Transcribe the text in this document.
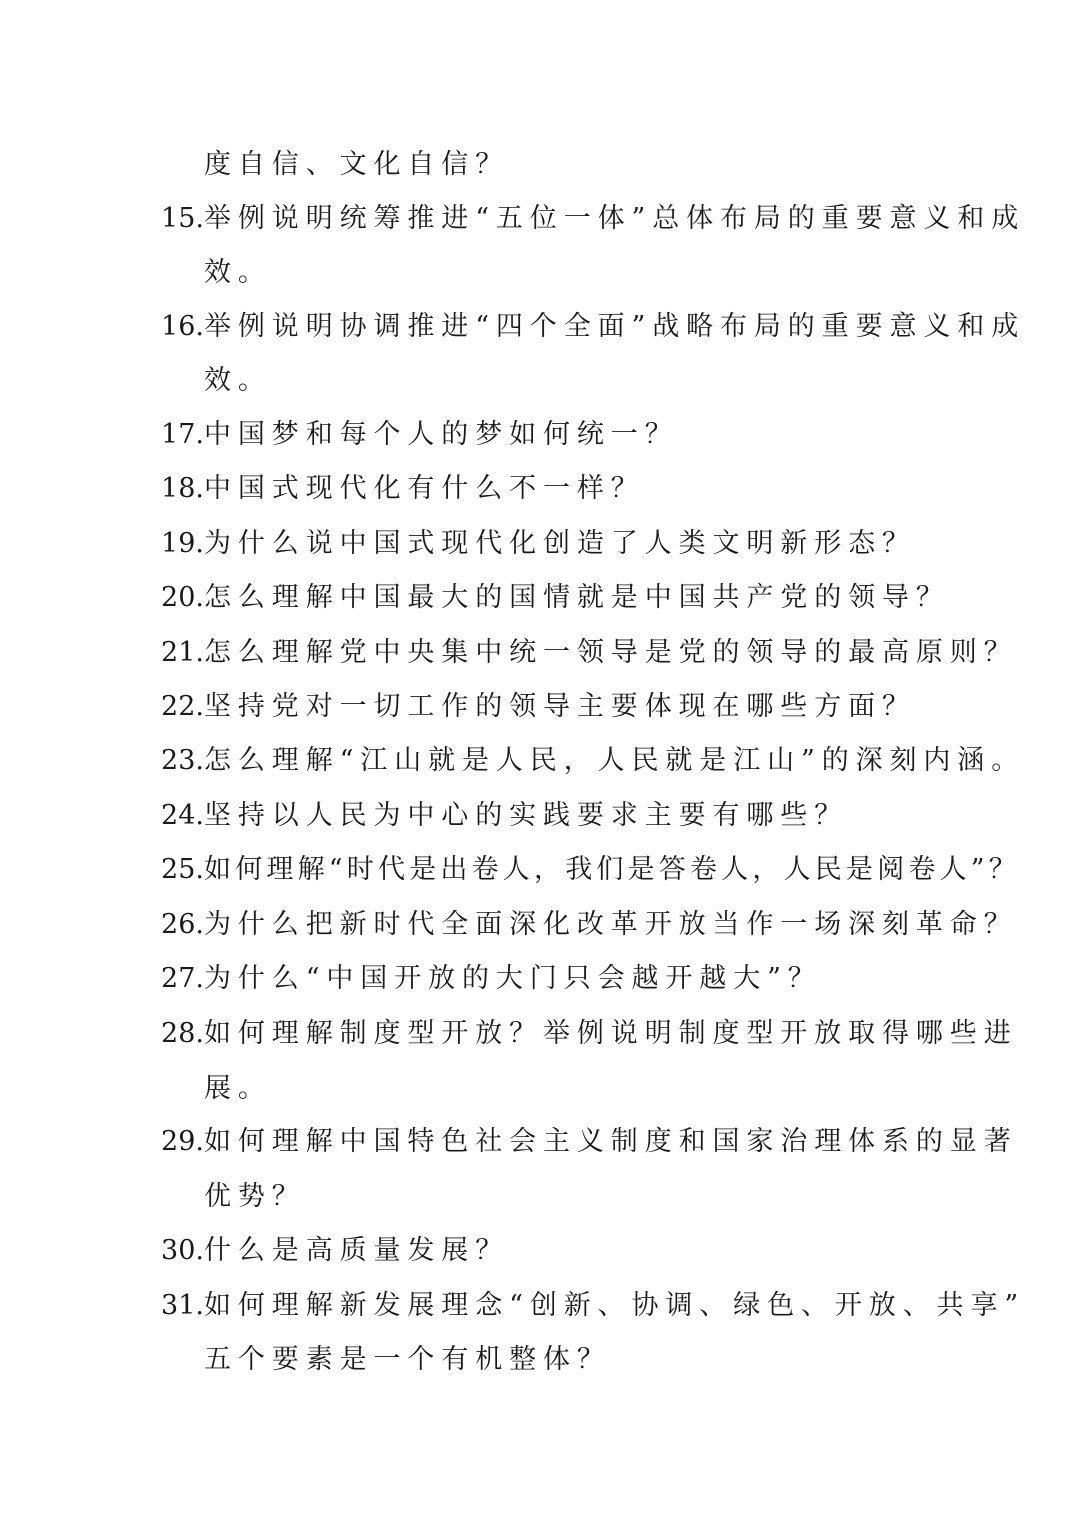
度自信、文化自信？
15. 举例说明统筹推进“五位一体”总体布局的重要意义和成
效。
16. 举例说明协调推进“四个全面”战略布局的重要意义和成
效。
17. 中国梦和每个人的梦如何统一？
18. 中国式现代化有什么不一样？
19. 为什么说中国式现代化创造了人类文明新形态？
20. 怎么理解中国最大的国情就是中国共产党的领导？
21. 怎么理解党中央集中统一领导是党的领导的最高原则？
22. 坚持党对一切工作的领导主要体现在哪些方面？
23. 怎么理解“江山就是人民，人民就是江山”的深刻内涵。
24. 坚持以人民为中心的实践要求主要有哪些？
25. 如何理解“时代是出卷人，我们是答卷人，人民是阅卷人”？
26. 为什么把新时代全面深化改革开放当作一场深刻革命？
27. 为什么“中国开放的大门只会越开越大”？
28. 如何理解制度型开放？举例说明制度型开放取得哪些进
展。
29. 如何理解中国特色社会主义制度和国家治理体系的显著
优势？
30. 什么是高质量发展？
31. 如何理解新发展理念“创新、协调、绿色、开放、共享”
五个要素是一个有机整体？
